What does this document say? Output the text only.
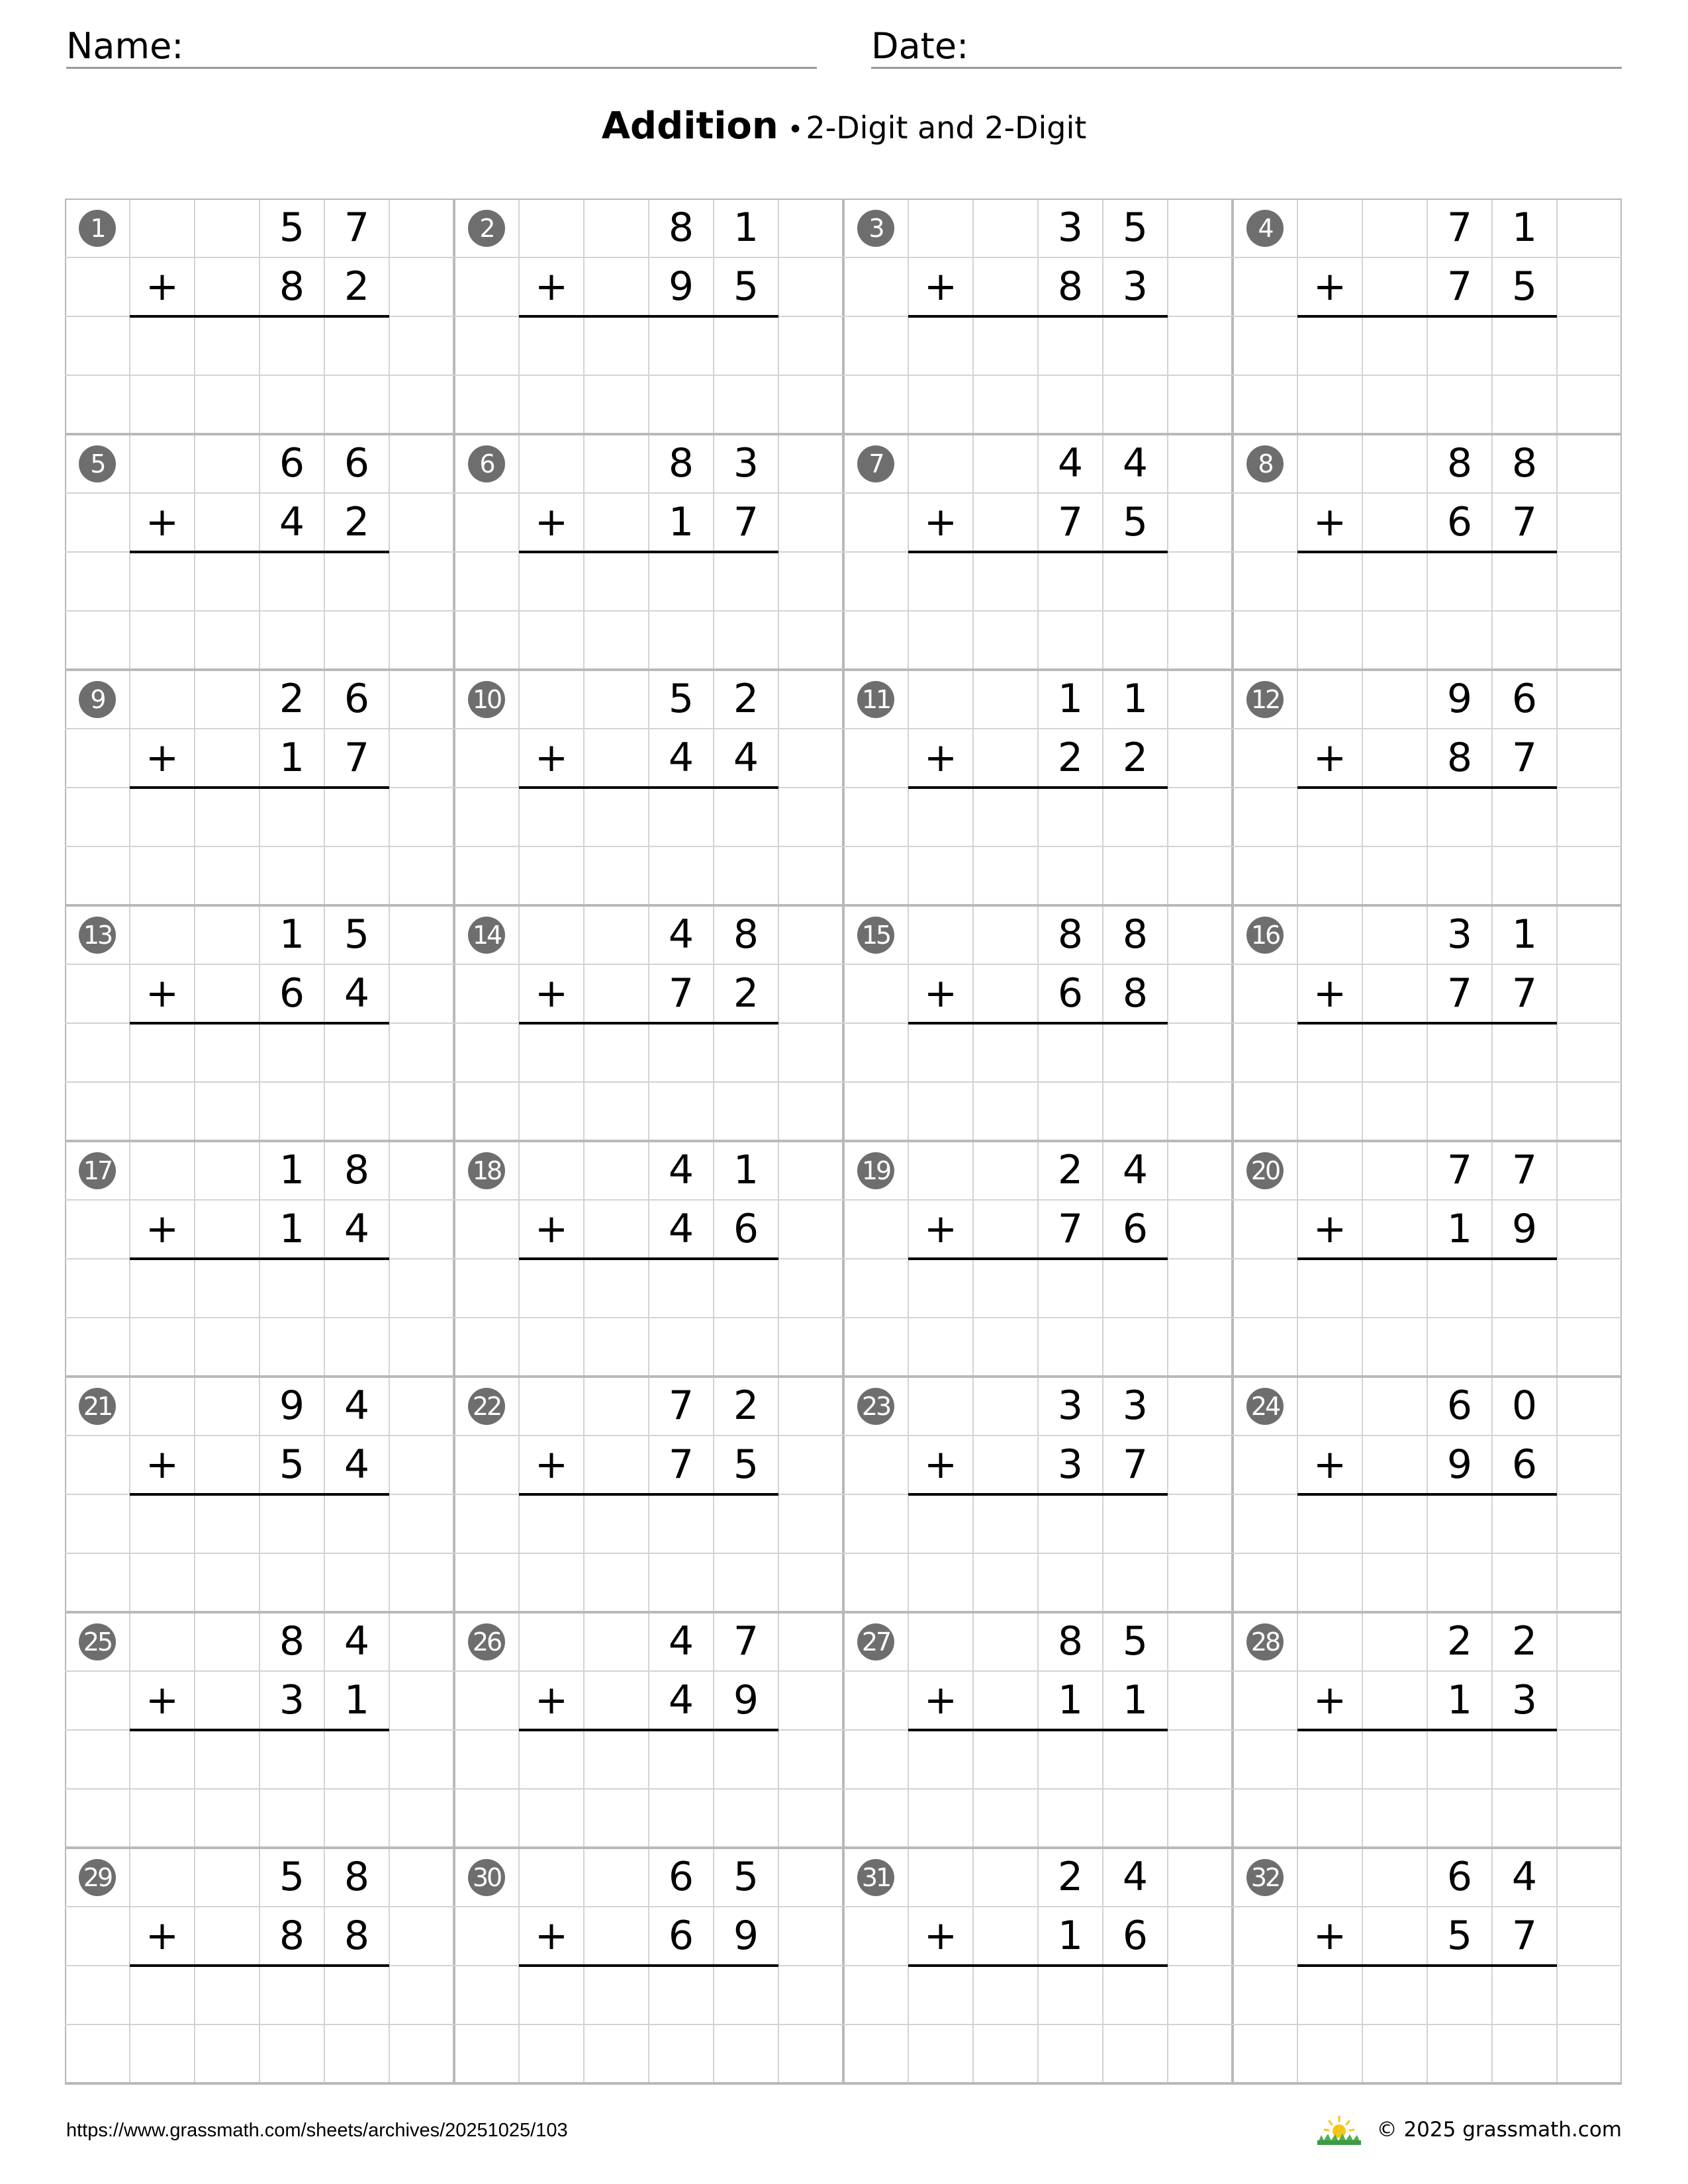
Name:	Date:
Addition •2-Digit and 2-Digit
1	5 7
+	8 2
2	8 1
+	9 5
3	3 5
+	8 3
4	7 1
+	7 5
5	6 6
+	4 2
6	8 3
+	1 7
7	4 4
+	7 5
8	8 8
+	6 7
9	2 6
+	1 7
10	5 2
+	4 4
11	1 1
+	2 2
12	9 6
+	8 7
13	1 5
+	6 4
14	4 8
+	7 2
15	8 8
+	6 8
16	3 1
+	7 7
17	1 8
+	1 4
18	4 1
+	4 6
19	2 4
+	7 6
20	7 7
+	1 9
21	9 4
+	5 4
22	7 2
+	7 5
23	3 3
+	3 7
24	6 0
+	9 6
25	8 4
+	3 1
26	4 7
+	4 9
27	8 5
+	1 1
28	2 2
+	1 3
29	5 8
+	8 8
30	6 5
+	6 9
31	2 4
+	1 6
32	6 4
+	5 7
https://www.grassmath.com/sheets/archives/20251025/103	© 2025 grassmath.com
